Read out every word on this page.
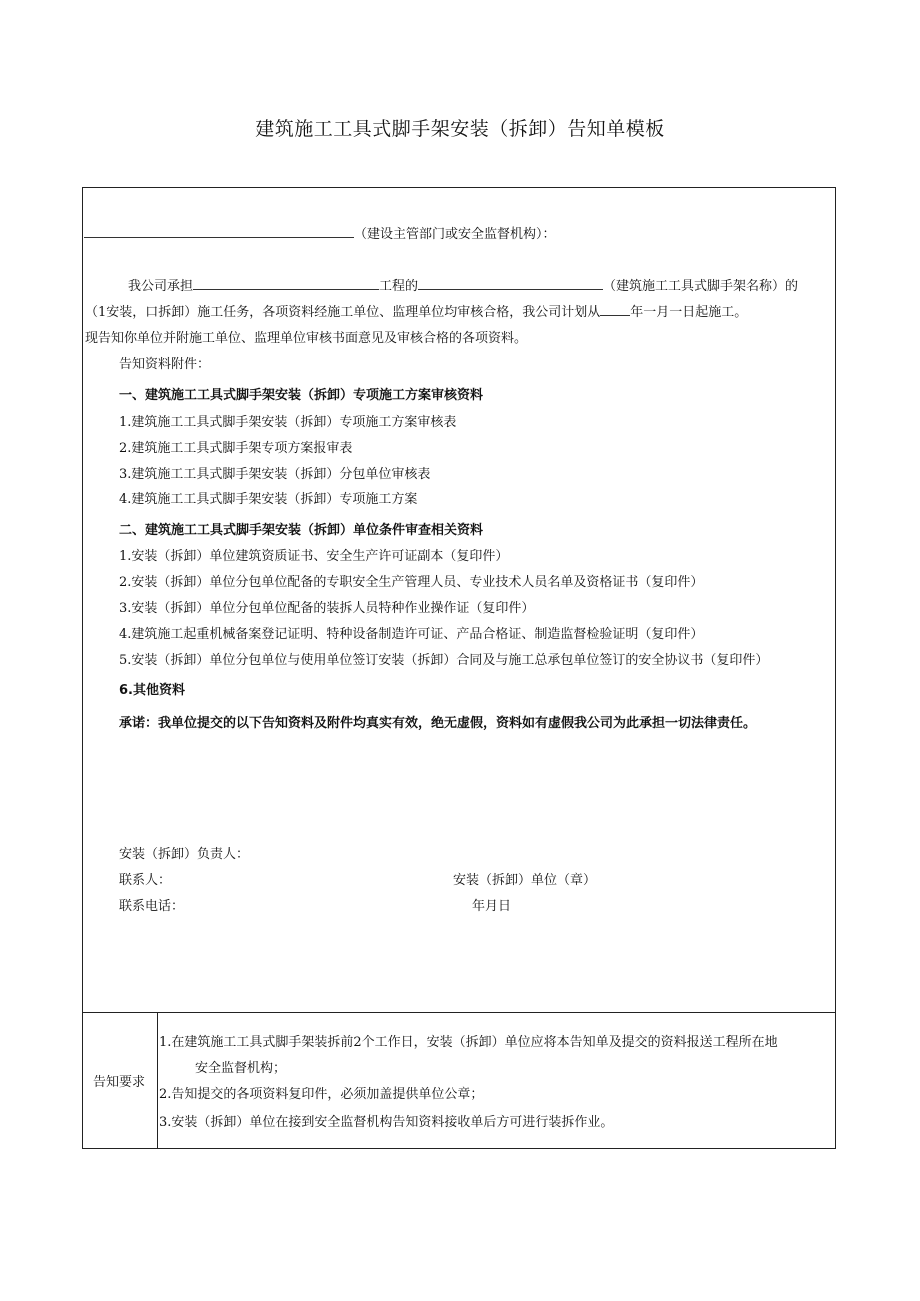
建筑施工工具式脚手架安装（拆卸）告知单模板
（建设主管部门或安全监督机构）：
我公司承担	工程的	（建筑施工工具式脚手架名称）的
（1安装，口拆卸）施工任务，各项资料经施工单位、监理单位均审核合格，我公司计划从 年一月一日起施工。
现告知你单位并附施工单位、监理单位审核书面意见及审核合格的各项资料。
告知资料附件：
一、建筑施工工具式脚手架安装（拆卸）专项施工方案审核资料
1.建筑施工工具式脚手架安装（拆卸）专项施工方案审核表
2.建筑施工工具式脚手架专项方案报审表
3.建筑施工工具式脚手架安装（拆卸）分包单位审核表
4.建筑施工工具式脚手架安装（拆卸）专项施工方案
二、建筑施工工具式脚手架安装（拆卸）单位条件审查相关资料
1.安装（拆卸）单位建筑资质证书、安全生产许可证副本（复印件）
2.安装（拆卸）单位分包单位配备的专职安全生产管理人员、专业技术人员名单及资格证书（复印件）
3.安装（拆卸）单位分包单位配备的装拆人员特种作业操作证（复印件）
4.建筑施工起重机械备案登记证明、特种设备制造许可证、产品合格证、制造监督检验证明（复印件）
5.安装（拆卸）单位分包单位与使用单位签订安装（拆卸）合同及与施工总承包单位签订的安全协议书（复印件）
6.其他资料
承诺：我单位提交的以下告知资料及附件均真实有效，绝无虚假，资料如有虚假我公司为此承担一切法律责任。
安装（拆卸）负责人：
联系人：	安装（拆卸）单位（章）
联系电话：	年月日
告知要求
1.在建筑施工工具式脚手架装拆前2个工作日，安装（拆卸）单位应将本告知单及提交的资料报送工程所在地
安全监督机构；
2.告知提交的各项资料复印件，必须加盖提供单位公章；
3.安装（拆卸）单位在接到安全监督机构告知资料接收单后方可进行装拆作业。
